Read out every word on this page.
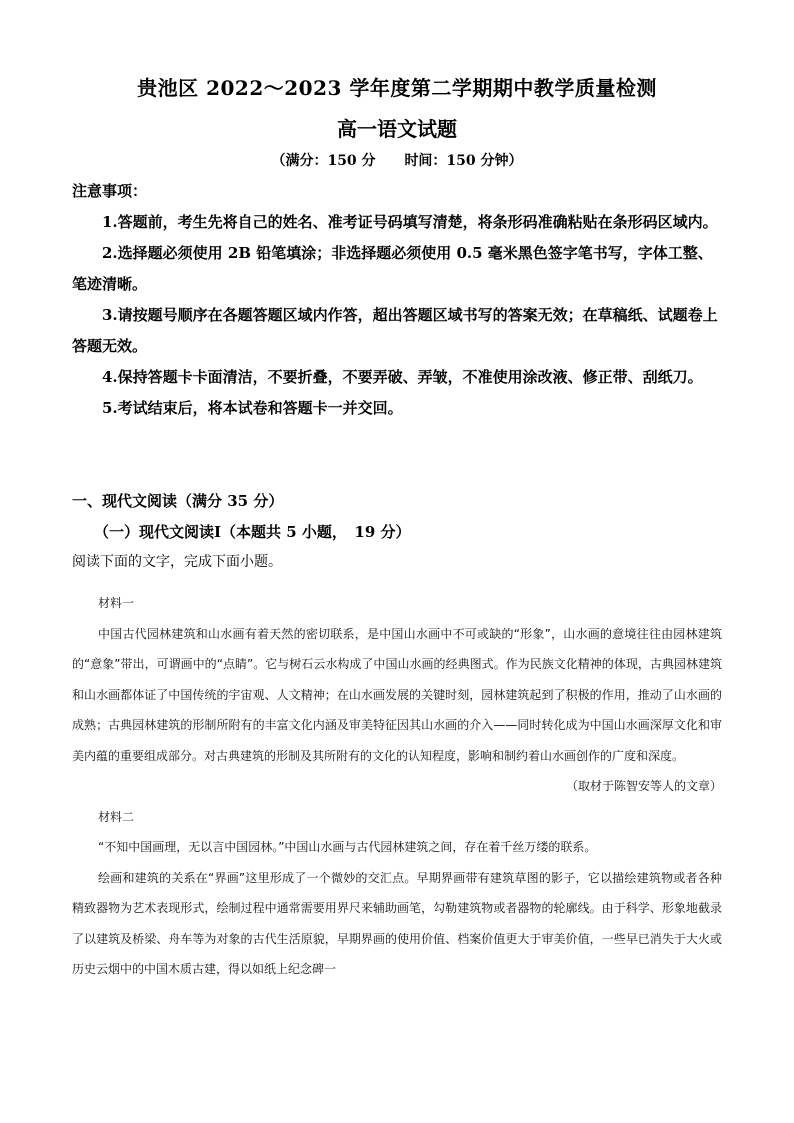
贵池区 2022～2023 学年度第二学期期中教学质量检测
高一语文试题
（满分：150 分 时间：150 分钟）
注意事项：

1.答题前，考生先将自己的姓名、准考证号码填写清楚，将条形码准确粘贴在条形码区域内。

2.选择题必须使用 2B 铅笔填涂；非选择题必须使用 0.5 毫米黑色签字笔书写，字体工整、笔迹清晰。

3.请按题号顺序在各题答题区域内作答，超出答题区域书写的答案无效；在草稿纸、试题卷上答题无效。

4.保持答题卡卡面清洁，不要折叠，不要弄破、弄皱，不准使用涂改液、修正带、刮纸刀。

5.考试结束后，将本试卷和答题卡一并交回。

一、现代文阅读（满分 35 分）
（一）现代文阅读Ⅰ（本题共 5 小题，　19 分）
阅读下面的文字，完成下面小题。

材料一

中国古代园林建筑和山水画有着天然的密切联系，是中国山水画中不可或缺的“形象”，山水画的意境往往由园林建筑的“意象”带出，可谓画中的“点睛”。它与树石云水构成了中国山水画的经典图式。作为民族文化精神的体现，古典园林建筑和山水画都体证了中国传统的宇宙观、人文精神；在山水画发展的关键时刻，园林建筑起到了积极的作用，推动了山水画的成熟；古典园林建筑的形制所附有的丰富文化内涵及审美特征因其山水画的介入——同时转化成为中国山水画深厚文化和审美内蕴的重要组成部分。对古典建筑的形制及其所附有的文化的认知程度，影响和制约着山水画创作的广度和深度。

（取材于陈智安等人的文章）

材料二

“不知中国画理，无以言中国园林。”中国山水画与古代园林建筑之间，存在着千丝万缕的联系。

绘画和建筑的关系在“界画”这里形成了一个微妙的交汇点。早期界画带有建筑草图的影子，它以描绘建筑物或者各种精致器物为艺术表现形式，绘制过程中通常需要用界尺来辅助画笔，勾勒建筑物或者器物的轮廓线。由于科学、形象地截录了以建筑及桥梁、舟车等为对象的古代生活原貌，早期界画的使用价值、档案价值更大于审美价值，一些早已消失于大火或历史云烟中的中国木质古建，得以如纸上纪念碑一
